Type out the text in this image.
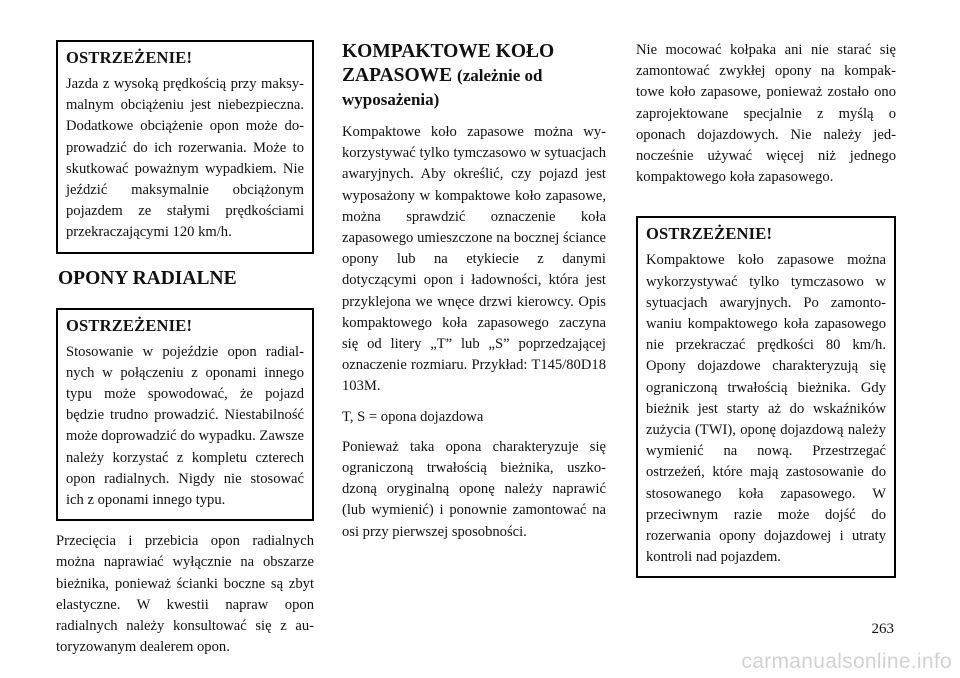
OSTRZEŻENIE!

Jazda z wysoką prędkością przy maksymalnym obciążeniu jest niebezpieczna. Dodatkowe obciążenie opon może doprowadzić do ich rozerwania. Może to skutkować poważnym wypadkiem. Nie jeździć maksymalnie obciążonym pojazdem ze stałymi prędkościami przekraczającymi 120 km/h.

OPONY RADIALNE
OSTRZEŻENIE!

Stosowanie w pojeździe opon radialnych w połączeniu z oponami innego typu może spowodować, że pojazd będzie trudno prowadzić. Niestabilność może doprowadzić do wypadku. Zawsze należy korzystać z kompletu czterech opon radialnych. Nigdy nie stosować ich z oponami innego typu.

Przecięcia i przebicia opon radialnych można naprawiać wyłącznie na obszarze bieżnika, ponieważ ścianki boczne są zbyt elastyczne. W kwestii napraw opon radialnych należy konsultować się z autoryzowanym dealerem opon.

KOMPAKTOWE KOŁO ZAPASOWE (zależnie od wyposażenia)

Kompaktowe koło zapasowe można wykorzystywać tylko tymczasowo w sytuacjach awaryjnych. Aby określić, czy pojazd jest wyposażony w kompaktowe koło zapasowe, można sprawdzić oznaczenie koła zapasowego umieszczone na bocznej ściance opony lub na etykiecie z danymi dotyczącymi opon i ładowności, która jest przyklejona we wnęce drzwi kierowcy. Opis kompaktowego koła zapasowego zaczyna się od litery „T” lub „S” poprzedzającej oznaczenie rozmiaru. Przykład: T145/80D18 103M.

T, S = opona dojazdowa

Ponieważ taka opona charakteryzuje się ograniczoną trwałością bieżnika, uszkodzoną oryginalną oponę należy naprawić (lub wymienić) i ponownie zamontować na osi przy pierwszej sposobności.

Nie mocować kołpaka ani nie starać się zamontować zwykłej opony na kompaktowe koło zapasowe, ponieważ zostało ono zaprojektowane specjalnie z myślą o oponach dojazdowych. Nie należy jednocześnie używać więcej niż jednego kompaktowego koła zapasowego.

OSTRZEŻENIE!

Kompaktowe koło zapasowe można wykorzystywać tylko tymczasowo w sytuacjach awaryjnych. Po zamontowaniu kompaktowego koła zapasowego nie przekraczać prędkości 80 km/h. Opony dojazdowe charakteryzują się ograniczoną trwałością bieżnika. Gdy bieżnik jest starty aż do wskaźników zużycia (TWI), oponę dojazdową należy wymienić na nową. Przestrzegać ostrzeżeń, które mają zastosowanie do stosowanego koła zapasowego. W przeciwnym razie może dojść do rozerwania opony dojazdowej i utraty kontroli nad pojazdem.

263
carmanualsonline.info
